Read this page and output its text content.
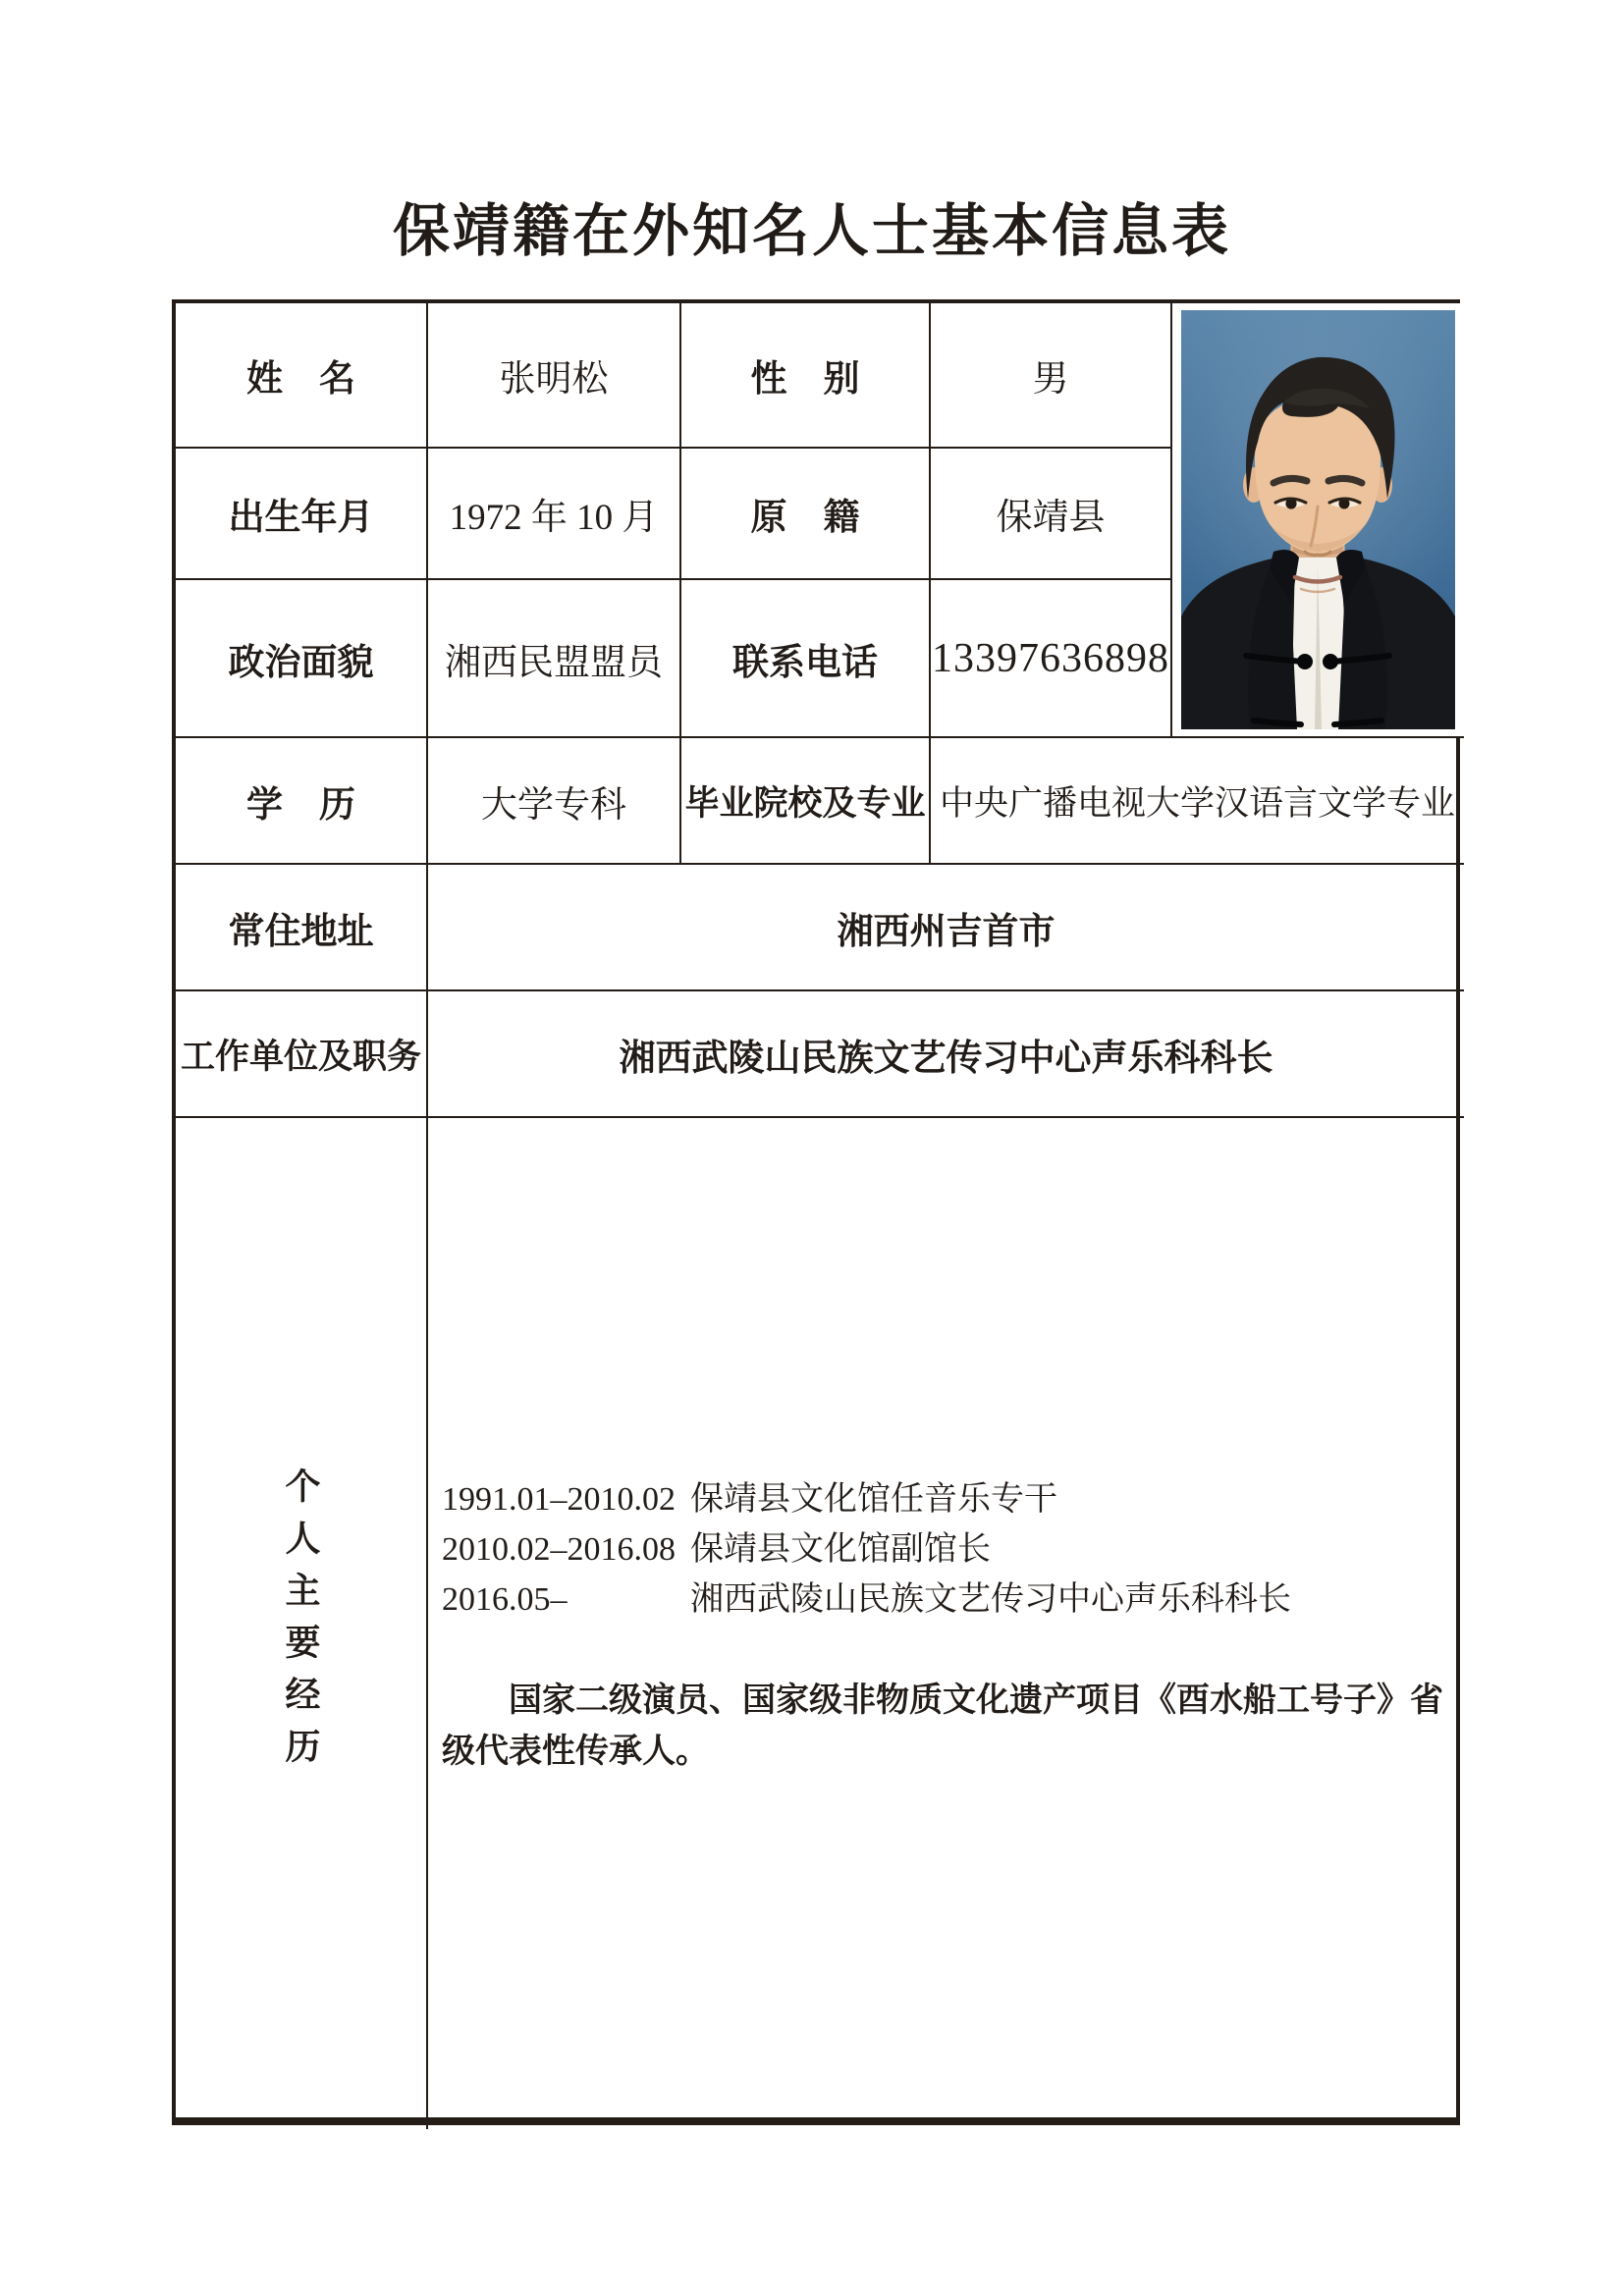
保靖籍在外知名人士基本信息表
姓　名	张明松	性　别	男
出生年月	1972 年 10 月	原　籍	保靖县
政治面貌	湘西民盟盟员	联系电话	13397636898
学　历	大学专科	毕业院校及专业 中央广播电视大学汉语言文学专业
常住地址	湘西州吉首市
工作单位及职务	湘西武陵山民族文艺传习中心声乐科科长
个人主要经历	1991.01–2010.02 保靖县文化馆任音乐专干
2010.02–2016.08 保靖县文化馆副馆长
2016.05–	湘西武陵山民族文艺传习中心声乐科科长

国家二级演员、国家级非物质文化遗产项目《酉水船工号子》省级代表性传承人。
